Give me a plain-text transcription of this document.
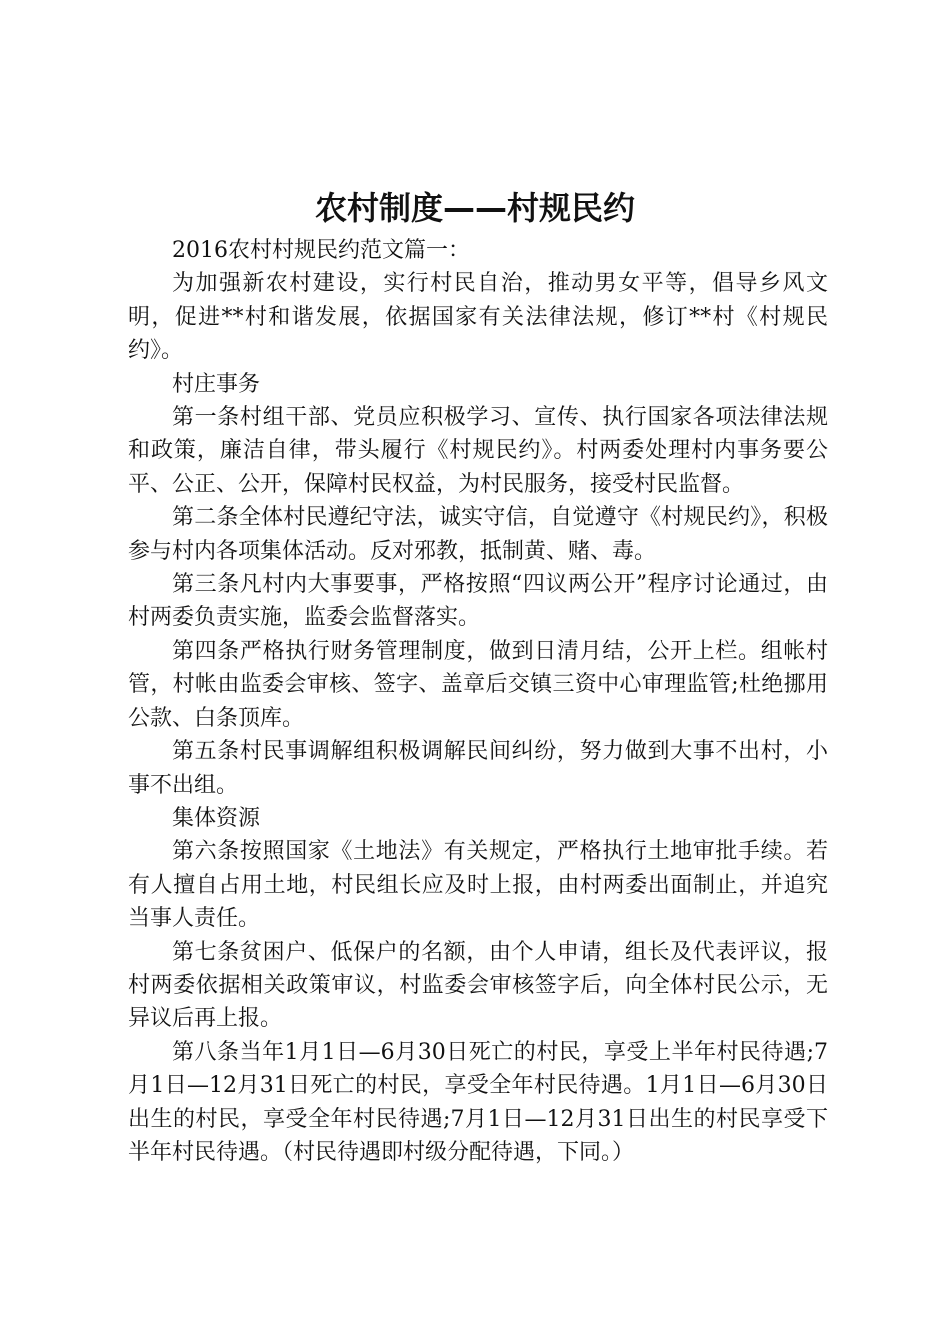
农村制度——村规民约

2016农村村规民约范文篇一：

为加强新农村建设，实行村民自治，推动男女平等，倡导乡风文明，促进**村和谐发展，依据国家有关法律法规，修订**村《村规民约》。

村庄事务

第一条村组干部、党员应积极学习、宣传、执行国家各项法律法规和政策，廉洁自律，带头履行《村规民约》。村两委处理村内事务要公平、公正、公开，保障村民权益，为村民服务，接受村民监督。

第二条全体村民遵纪守法，诚实守信，自觉遵守《村规民约》，积极参与村内各项集体活动。反对邪教，抵制黄、赌、毒。

第三条凡村内大事要事，严格按照“四议两公开”程序讨论通过，由村两委负责实施，监委会监督落实。

第四条严格执行财务管理制度，做到日清月结，公开上栏。组帐村管，村帐由监委会审核、签字、盖章后交镇三资中心审理监管;杜绝挪用公款、白条顶库。

第五条村民事调解组积极调解民间纠纷，努力做到大事不出村，小事不出组。

集体资源

第六条按照国家《土地法》有关规定，严格执行土地审批手续。若有人擅自占用土地，村民组长应及时上报，由村两委出面制止，并追究当事人责任。

第七条贫困户、低保户的名额，由个人申请，组长及代表评议，报村两委依据相关政策审议，村监委会审核签字后，向全体村民公示，无异议后再上报。

第八条当年1月1日—6月30日死亡的村民，享受上半年村民待遇;7月1日—12月31日死亡的村民，享受全年村民待遇。1月1日—6月30日出生的村民，享受全年村民待遇;7月1日—12月31日出生的村民享受下半年村民待遇。（村民待遇即村级分配待遇，下同。）
